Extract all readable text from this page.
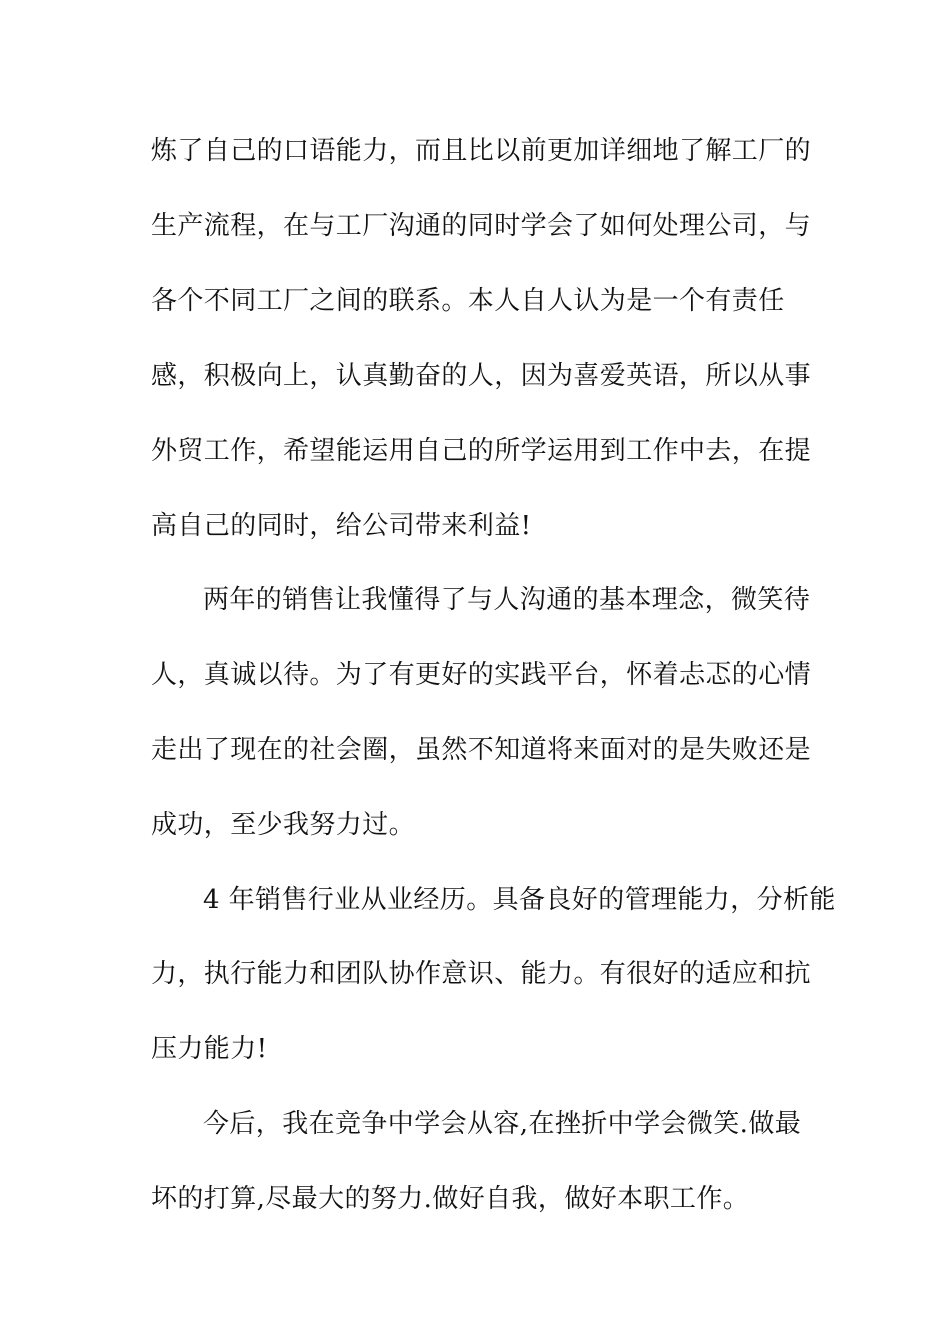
炼了自己的口语能力，而且比以前更加详细地了解工厂的
生产流程，在与工厂沟通的同时学会了如何处理公司，与
各个不同工厂之间的联系。本人自人认为是一个有责任
感，积极向上，认真勤奋的人，因为喜爱英语，所以从事
外贸工作，希望能运用自己的所学运用到工作中去，在提
高自己的同时，给公司带来利益!
两年的销售让我懂得了与人沟通的基本理念，微笑待
人，真诚以待。为了有更好的实践平台，怀着忐忑的心情
走出了现在的社会圈，虽然不知道将来面对的是失败还是
成功，至少我努力过。
4 年销售行业从业经历。具备良好的管理能力，分析能
力，执行能力和团队协作意识、能力。有很好的适应和抗
压力能力!
今后，我在竞争中学会从容,在挫折中学会微笑.做最
坏的打算,尽最大的努力.做好自我，做好本职工作。
